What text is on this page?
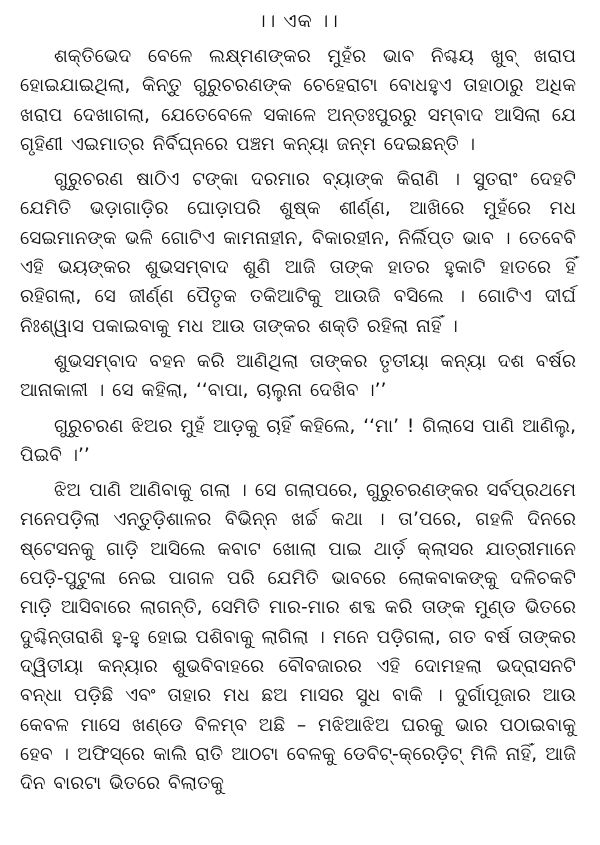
।। ଏକ ।।

ଶକ୍ତିଭେଦ ବେଳେ ଲକ୍ଷ୍ମଣଙ୍କର ମୁହଁର ଭାବ ନିଶ୍ଚୟ ଖୁବ୍ ଖରାପ ହୋଇଯାଇଥିଲା, କିନ୍ତୁ ଗୁରୁଚରଣଙ୍କ ଚେହେରାଟା ବୋଧହୁଏ ତାହାଠାରୁ ଅଧିକ ଖରାପ ଦେଖାଗଲା, ଯେତେବେଳେ ସକାଳେ ଅନ୍ତଃପୁରରୁ ସମ୍ବାଦ ଆସିଲା ଯେ ଗୃହିଣୀ ଏଇମାତ୍ର ନିର୍ବିଘ୍ନରେ ପଞ୍ଚମ କନ୍ୟା ଜନ୍ମ ଦେଇଛନ୍ତି ।

ଗୁରୁଚରଣ ଷାଠିଏ ଟଙ୍କା ଦରମାର ବ୍ୟାଙ୍କ କିରାଣି । ସୁତରାଂ ଦେହଟି ଯେମିତି ଭଡ଼ାଗାଡ଼ିର ଘୋଡ଼ାପରି ଶୁଷ୍କ ଶୀର୍ଣ୍ଣ, ଆଖିରେ ମୁହଁରେ ମଧ ସେଇମାନଙ୍କ ଭଳି ଗୋଟିଏ କାମନାହୀନ, ବିକାରହୀନ, ନିର୍ଲିପ୍ତ ଭାବ । ତେବେବି ଏହି ଭୟଙ୍କର ଶୁଭସମ୍ବାଦ ଶୁଣି ଆଜି ତାଙ୍କ ହାତର ହୁକାଟି ହାତରେ ହିଁ ରହିଗଲା, ସେ ଜୀର୍ଣ୍ଣ ପୈତୃକ ତକିଆଟିକୁ ଆଉଜି ବସିଲେ । ଗୋଟିଏ ଦୀର୍ଘ ନିଃଶ୍ୱାସ ପକାଇବାକୁ ମଧ ଆଉ ତାଙ୍କର ଶକ୍ତି ରହିଲା ନାହିଁ ।

ଶୁଭସମ୍ବାଦ ବହନ କରି ଆଣିଥିଲା ତାଙ୍କର ତୃତୀୟା କନ୍ୟା ଦଶ ବର୍ଷର ଆନାକାଳୀ । ସେ କହିଲା, ‘‘ବାପା, ଚାଲୁନା ଦେଖିବ ।’’

ଗୁରୁଚରଣ ଝିଅର ମୁହଁ ଆଡ଼କୁ ଚାହିଁ କହିଲେ, ‘‘ମା’ ! ଗିଲାସେ ପାଣି ଆଣିଲୁ, ପିଇବି ।’’

ଝିଅ ପାଣି ଆଣିବାକୁ ଗଲା । ସେ ଗଲାପରେ, ଗୁରୁଚରଣଙ୍କର ସର୍ବପ୍ରଥମେ ମନେପଡ଼ିଲା ଏନ୍ତୁଡ଼ିଶାଳର ବିଭିନ୍ନ ଖର୍ଚ୍ଚ କଥା । ତା’ପରେ, ଗହଳି ଦିନରେ ଷ୍ଟେସନକୁ ଗାଡ଼ି ଆସିଲେ କବାଟ ଖୋଲା ପାଇ ଥାର୍ଡ଼ କ୍ଲାସର ଯାତ୍ରୀମାନେ ପେଡ଼ି-ପୁଟୁଳା ନେଇ ପାଗଳ ପରି ଯେମିତି ଭାବରେ ଲୋକବାକଙ୍କୁ ଦଳିଚକଟି ମାଡ଼ି ଆସିବାରେ ଲାଗନ୍ତି, ସେମିତି ମାର-ମାର ଶବ୍ଦ କରି ତାଙ୍କ ମୁଣ୍ଡ ଭିତରେ ଦୁଶ୍ଚିନ୍ତାରାଶି ହୁ-ହୁ ହୋଇ ପଶିବାକୁ ଲାଗିଲା । ମନେ ପଡ଼ିଗଲା, ଗତ ବର୍ଷ ତାଙ୍କର ଦ୍ୱିତୀୟା କନ୍ୟାର ଶୁଭବିବାହରେ ବୌବଜାରର ଏହି ଦୋମହଲା ଭଦ୍ରାସନଟି ବନ୍ଧା ପଡ଼ିଛି ଏବଂ ତାହାର ମଧ ଛଅ ମାସର ସୁଧ ବାକି । ଦୁର୍ଗାପୂଜାର ଆଉ କେବଳ ମାସେ ଖଣ୍ଡେ ବିଳମ୍ବ ଅଛି – ମଝିଆଝିଅ ଘରକୁ ଭାର ପଠାଇବାକୁ ହେବ । ଅଫିସ୍‌ରେ କାଲି ରାତି ଆଠଟା ବେଳକୁ ଡେବିଟ୍-କ୍ରେଡ଼ିଟ୍ ମିଳି ନାହିଁ, ଆଜି ଦିନ ବାରଟା ଭିତରେ ବିଲାତକୁ
